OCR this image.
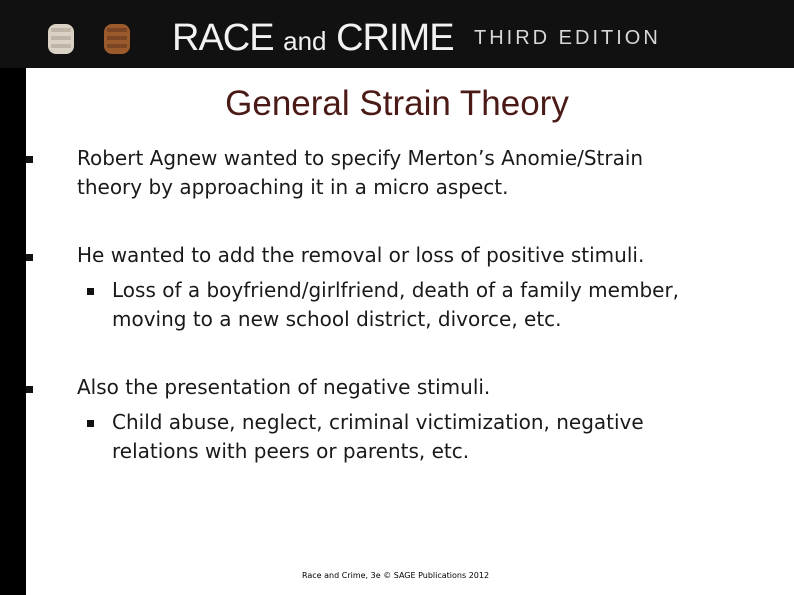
RACE and CRIME THIRD EDITION
General Strain Theory
Robert Agnew wanted to specify Merton’s Anomie/Strain
theory by approaching it in a micro aspect.
He wanted to add the removal or loss of positive stimuli.
Loss of a boyfriend/girlfriend, death of a family member,
moving to a new school district, divorce, etc.
Also the presentation of negative stimuli.
Child abuse, neglect, criminal victimization, negative
relations with peers or parents, etc.
Race and Crime, 3e © SAGE Publications 2012
